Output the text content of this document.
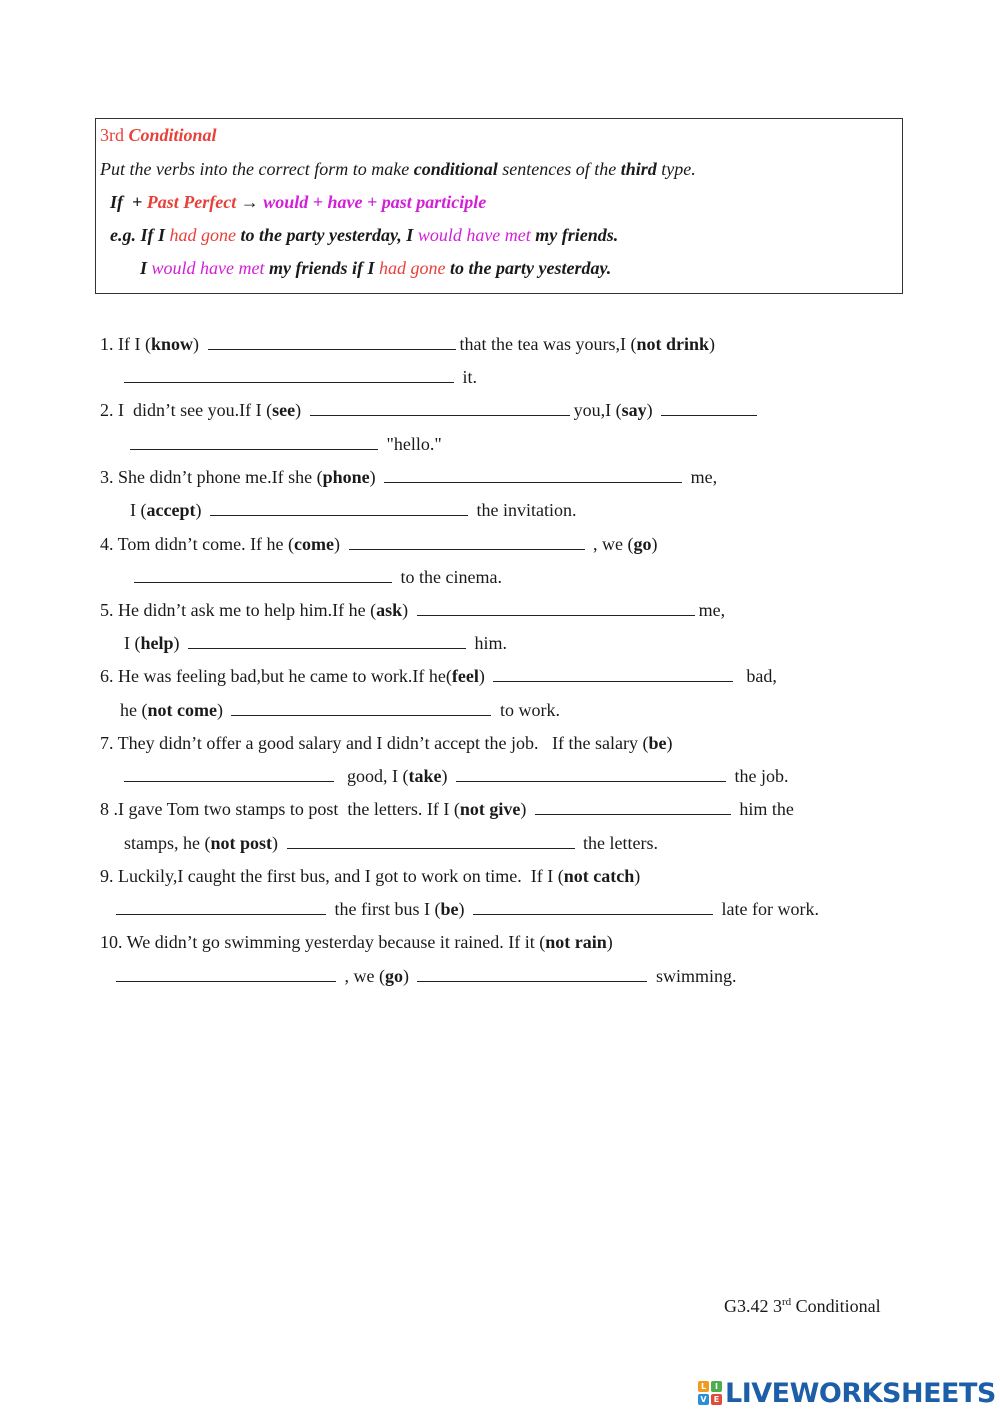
3rd Conditional
Put the verbs into the correct form to make conditional sentences of the third type.
If + Past Perfect → would + have + past participle
e.g. If I had gone to the party yesterday, I would have met my friends.
I would have met my friends if I had gone to the party yesterday.
1. If I (know)	that the tea was yours,I (not drink)
it.
2. I  didn’t see you.If I (see)	you,I (say)
"hello."
3. She didn’t phone me.If she (phone)	me,
I (accept)	the invitation.
4. Tom didn’t come. If he (come)	, we (go)
to the cinema.
5. He didn’t ask me to help him.If he (ask)	me,
I (help)	him.
6. He was feeling bad,but he came to work.If he(feel)	bad,
he (not come)	to work.
7. They didn’t offer a good salary and I didn’t accept the job.   If the salary (be)
good, I (take)	the job.
8 .I gave Tom two stamps to post  the letters. If I (not give)	him the
stamps, he (not post)	the letters.
9. Luckily,I caught the first bus, and I got to work on time.  If I (not catch)
the first bus I (be)	late for work.
10. We didn’t go swimming yesterday because it rained. If it (not rain)
, we (go)	swimming.
G3.42 3rd Conditional
L	I
V E LIVEWORKSHEETS
